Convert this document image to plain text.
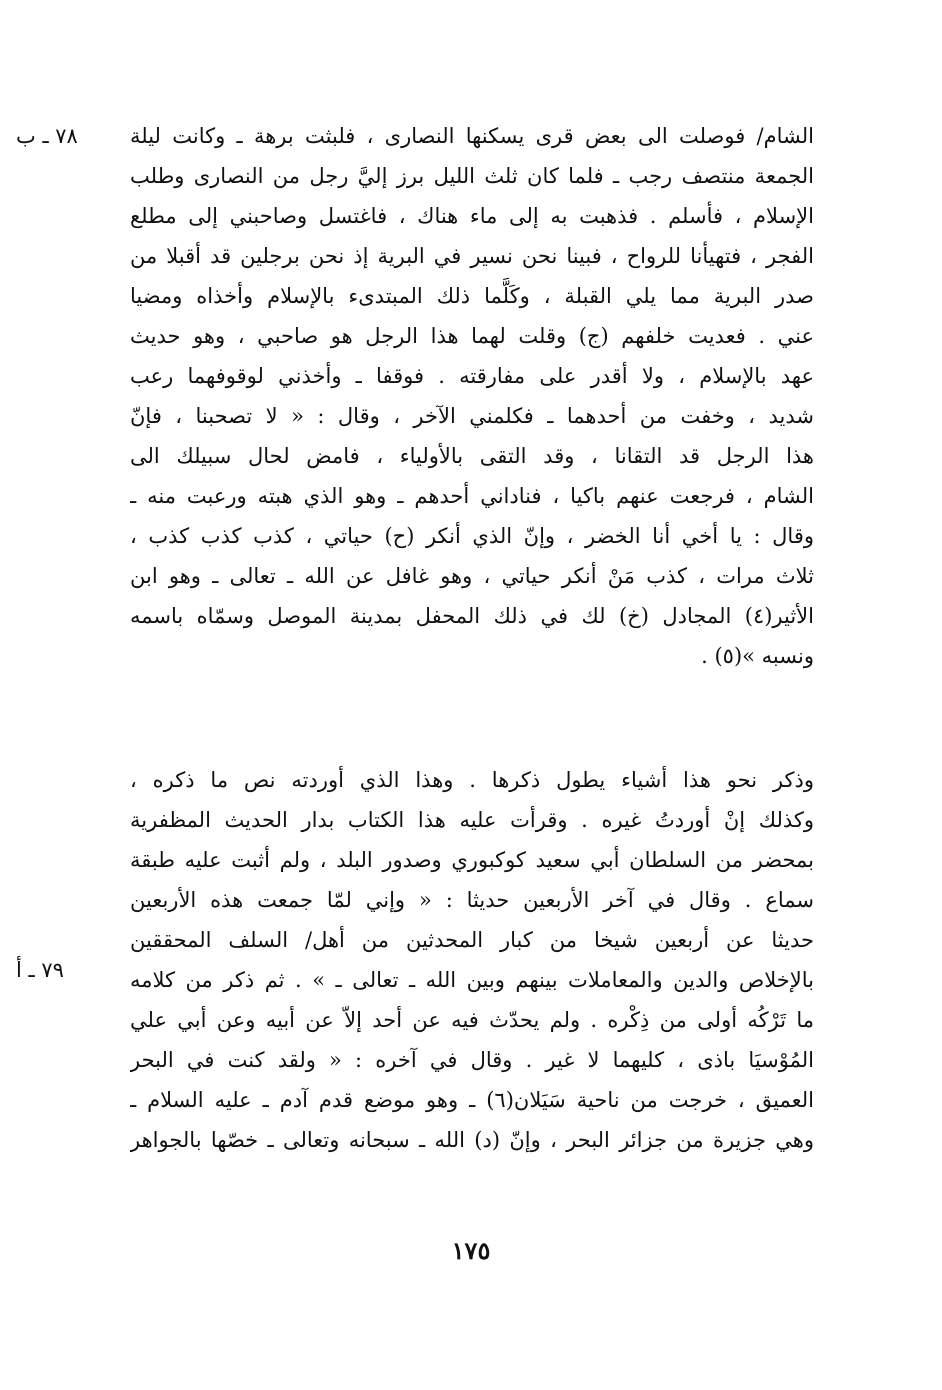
٧٨ ـ ب
٧٩ ـ أ
الشام/ فوصلت الى بعض قرى يسكنها النصارى ، فلبثت برهة ـ وكانت ليلة
الجمعة منتصف رجب ـ فلما كان ثلث الليل برز إليَّ رجل من النصارى وطلب
الإسلام ، فأسلم . فذهبت به إلى ماء هناك ، فاغتسل وصاحبني إلى مطلع
الفجر ، فتهيأنا للرواح ، فبينا نحن نسير في البرية إذ نحن برجلين قد أقبلا من
صدر البرية مما يلي القبلة ، وكَلَّما ذلك المبتدىء بالإسلام وأخذاه ومضيا
عني . فعديت خلفهم (ج) وقلت لهما هذا الرجل هو صاحبي ، وهو حديث
عهد بالإسلام ، ولا أقدر على مفارقته . فوقفا ـ وأخذني لوقوفهما رعب
شديد ، وخفت من أحدهما ـ فكلمني الآخر ، وقال : « لا تصحبنا ، فإنّ
هذا الرجل قد التقانا ، وقد التقى بالأولياء ، فامض لحال سبيلك الى
الشام ، فرجعت عنهم باكيا ، فناداني أحدهم ـ وهو الذي هبته ورعبت منه ـ
وقال : يا أخي أنا الخضر ، وإنّ الذي أنكر (ح) حياتي ، كذب كذب كذب ،
ثلاث مرات ، كذب مَنْ أنكر حياتي ، وهو غافل عن الله ـ تعالى ـ وهو ابن
الأثير(٤) المجادل (خ) لك في ذلك المحفل بمدينة الموصل وسمّاه باسمه
ونسبه »(٥) .
وذكر نحو هذا أشياء يطول ذكرها . وهذا الذي أوردته نص ما ذكره ،
وكذلك إنْ أوردتُ غيره . وقرأت عليه هذا الكتاب بدار الحديث المظفرية
بمحضر من السلطان أبي سعيد كوكبوري وصدور البلد ، ولم أثبت عليه طبقة
سماع . وقال في آخر الأربعين حديثا : « وإني لمّا جمعت هذه الأربعين
حديثا عن أربعين شيخا من كبار المحدثين من أهل/ السلف المحققين
بالإخلاص والدين والمعاملات بينهم وبين الله ـ تعالى ـ » . ثم ذكر من كلامه
ما تَرْكُه أولى من ذِكْره . ولم يحدّث فيه عن أحد إلاّ عن أبيه وعن أبي علي
المُوْسيَا باذى ، كليهما لا غير . وقال في آخره : « ولقد كنت في البحر
العميق ، خرجت من ناحية سَيَلان(٦) ـ وهو موضع قدم آدم ـ عليه السلام ـ
وهي جزيرة من جزائر البحر ، وإنّ (د) الله ـ سبحانه وتعالى ـ خصّها بالجواهر
١٧٥
